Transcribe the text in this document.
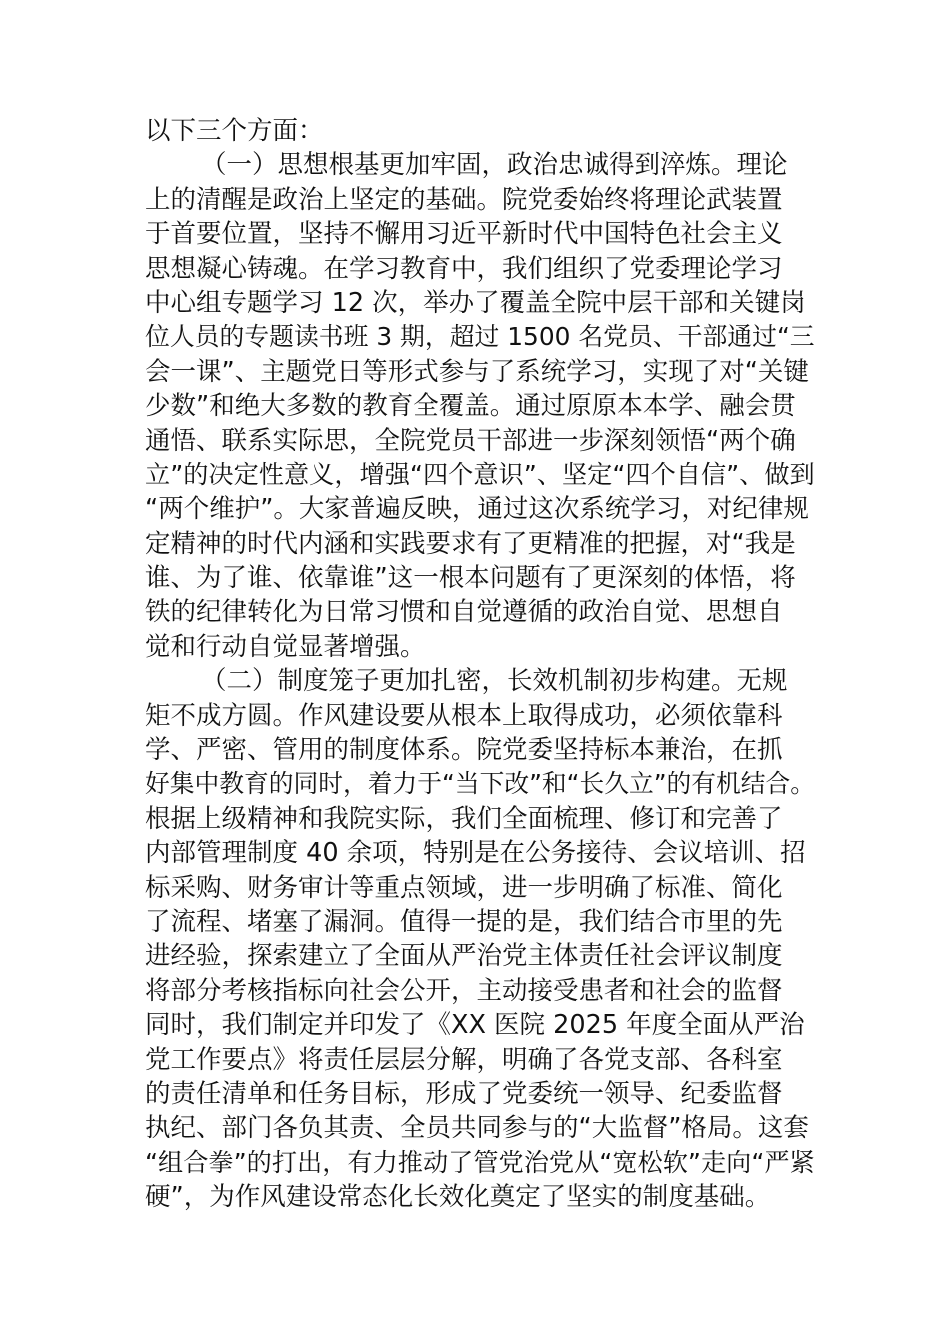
以下三个方面：
（一）思想根基更加牢固，政治忠诚得到淬炼。理论
上的清醒是政治上坚定的基础。院党委始终将理论武装置
于首要位置，坚持不懈用习近平新时代中国特色社会主义
思想凝心铸魂。在学习教育中，我们组织了党委理论学习
中心组专题学习 12 次，举办了覆盖全院中层干部和关键岗
位人员的专题读书班 3 期，超过 1500 名党员、干部通过“三
会一课”、主题党日等形式参与了系统学习，实现了对“关键
少数”和绝大多数的教育全覆盖。通过原原本本学、融会贯
通悟、联系实际思，全院党员干部进一步深刻领悟“两个确
立”的决定性意义，增强“四个意识”、坚定“四个自信”、做到
“两个维护”。大家普遍反映，通过这次系统学习，对纪律规
定精神的时代内涵和实践要求有了更精准的把握，对“我是
谁、为了谁、依靠谁”这一根本问题有了更深刻的体悟，将
铁的纪律转化为日常习惯和自觉遵循的政治自觉、思想自
觉和行动自觉显著增强。
（二）制度笼子更加扎密，长效机制初步构建。无规
矩不成方圆。作风建设要从根本上取得成功，必须依靠科
学、严密、管用的制度体系。院党委坚持标本兼治，在抓
好集中教育的同时，着力于“当下改”和“长久立”的有机结合。
根据上级精神和我院实际，我们全面梳理、修订和完善了
内部管理制度 40 余项，特别是在公务接待、会议培训、招
标采购、财务审计等重点领域，进一步明确了标准、简化
了流程、堵塞了漏洞。值得一提的是，我们结合市里的先
进经验，探索建立了全面从严治党主体责任社会评议制度
将部分考核指标向社会公开，主动接受患者和社会的监督
同时，我们制定并印发了《XX 医院 2025 年度全面从严治
党工作要点》将责任层层分解，明确了各党支部、各科室
的责任清单和任务目标，形成了党委统一领导、纪委监督
执纪、部门各负其责、全员共同参与的“大监督”格局。这套
“组合拳”的打出，有力推动了管党治党从“宽松软”走向“严紧
硬”，为作风建设常态化长效化奠定了坚实的制度基础。
